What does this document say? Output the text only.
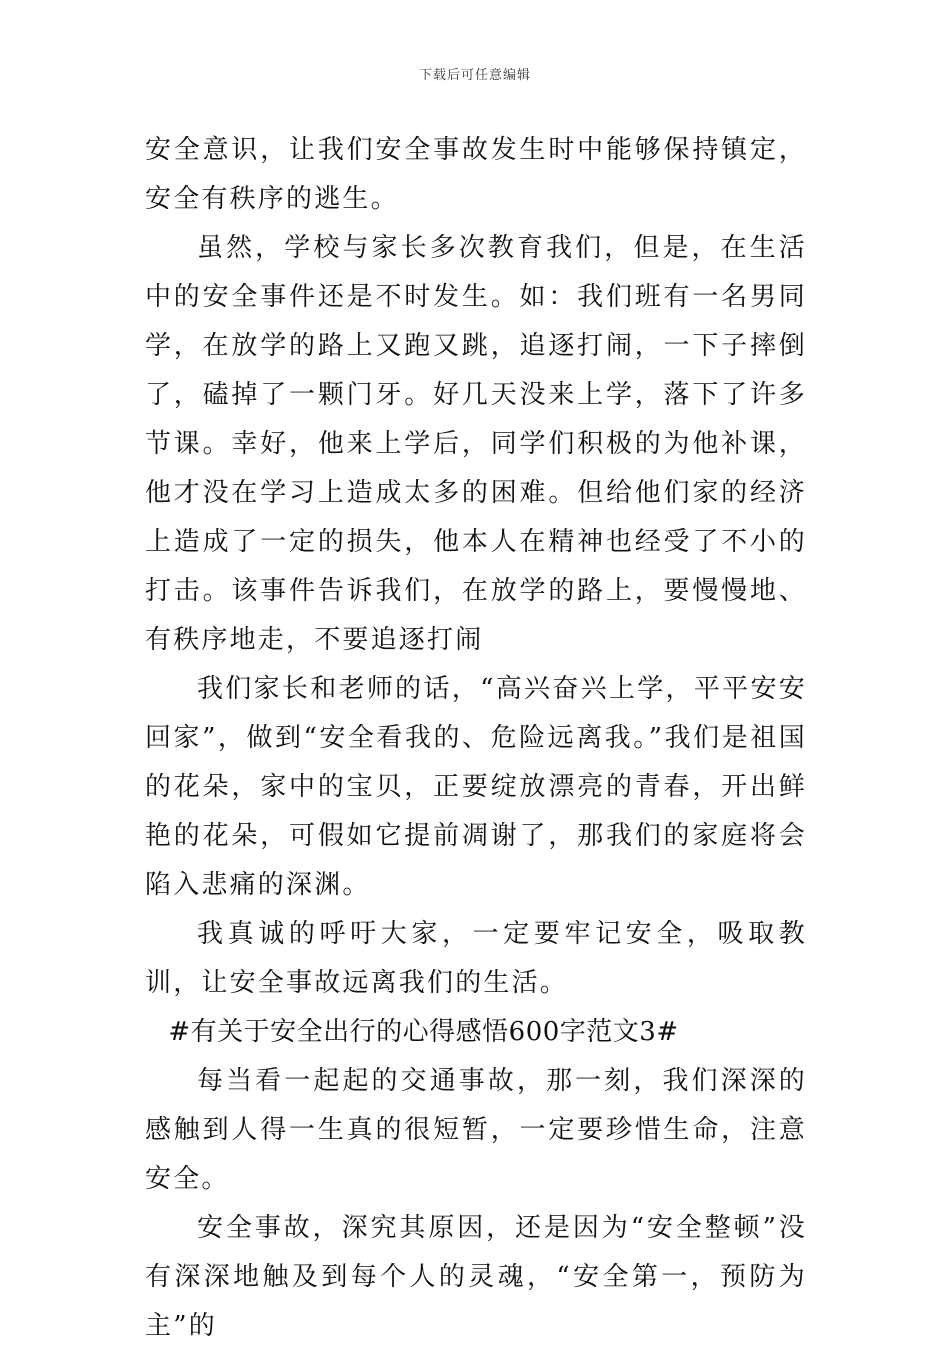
下载后可任意编辑

安全意识，让我们安全事故发生时中能够保持镇定，安全有秩序的逃生。

虽然，学校与家长多次教育我们，但是，在生活中的安全事件还是不时发生。如：我们班有一名男同学，在放学的路上又跑又跳，追逐打闹，一下子摔倒了，磕掉了一颗门牙。好几天没来上学，落下了许多节课。幸好，他来上学后，同学们积极的为他补课，他才没在学习上造成太多的困难。但给他们家的经济上造成了一定的损失，他本人在精神也经受了不小的打击。该事件告诉我们，在放学的路上，要慢慢地、有秩序地走，不要追逐打闹

我们家长和老师的话，“高兴奋兴上学，平平安安回家”，做到“安全看我的、危险远离我。”我们是祖国的花朵，家中的宝贝，正要绽放漂亮的青春，开出鲜艳的花朵，可假如它提前凋谢了，那我们的家庭将会陷入悲痛的深渊。

我真诚的呼吁大家，一定要牢记安全，吸取教训，让安全事故远离我们的生活。

#有关于安全出行的心得感悟600字范文3#

每当看一起起的交通事故，那一刻，我们深深的感触到人得一生真的很短暂，一定要珍惜生命，注意安全。

安全事故，深究其原因，还是因为“安全整顿”没有深深地触及到每个人的灵魂，“安全第一，预防为主”的
